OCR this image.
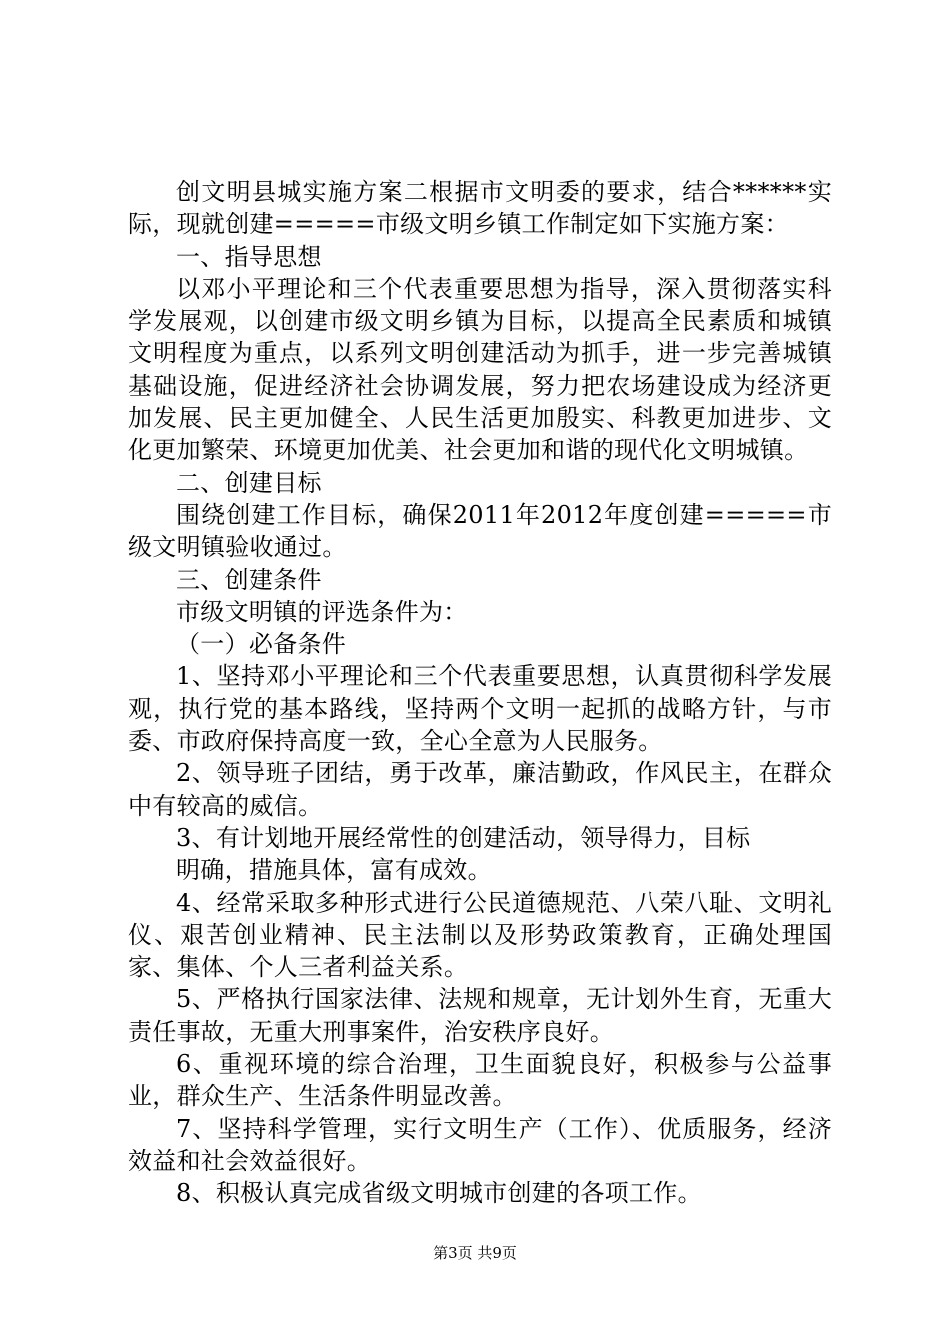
创文明县城实施方案二根据市文明委的要求，结合******实际，现就创建=====市级文明乡镇工作制定如下实施方案：

一、指导思想

以邓小平理论和三个代表重要思想为指导，深入贯彻落实科学发展观，以创建市级文明乡镇为目标，以提高全民素质和城镇文明程度为重点，以系列文明创建活动为抓手，进一步完善城镇基础设施，促进经济社会协调发展，努力把农场建设成为经济更加发展、民主更加健全、人民生活更加殷实、科教更加进步、文化更加繁荣、环境更加优美、社会更加和谐的现代化文明城镇。

二、创建目标

围绕创建工作目标，确保2011年2012年度创建=====市级文明镇验收通过。

三、创建条件

市级文明镇的评选条件为：

（一）必备条件

1、坚持邓小平理论和三个代表重要思想，认真贯彻科学发展观，执行党的基本路线，坚持两个文明一起抓的战略方针，与市委、市政府保持高度一致，全心全意为人民服务。

2、领导班子团结，勇于改革，廉洁勤政，作风民主，在群众中有较高的威信。

3、有计划地开展经常性的创建活动，领导得力，目标

明确，措施具体，富有成效。

4、经常采取多种形式进行公民道德规范、八荣八耻、文明礼仪、艰苦创业精神、民主法制以及形势政策教育，正确处理国家、集体、个人三者利益关系。

5、严格执行国家法律、法规和规章，无计划外生育，无重大责任事故，无重大刑事案件，治安秩序良好。

6、重视环境的综合治理，卫生面貌良好，积极参与公益事业，群众生产、生活条件明显改善。

7、坚持科学管理，实行文明生产（工作）、优质服务，经济效益和社会效益很好。

8、积极认真完成省级文明城市创建的各项工作。

第3页 共9页
